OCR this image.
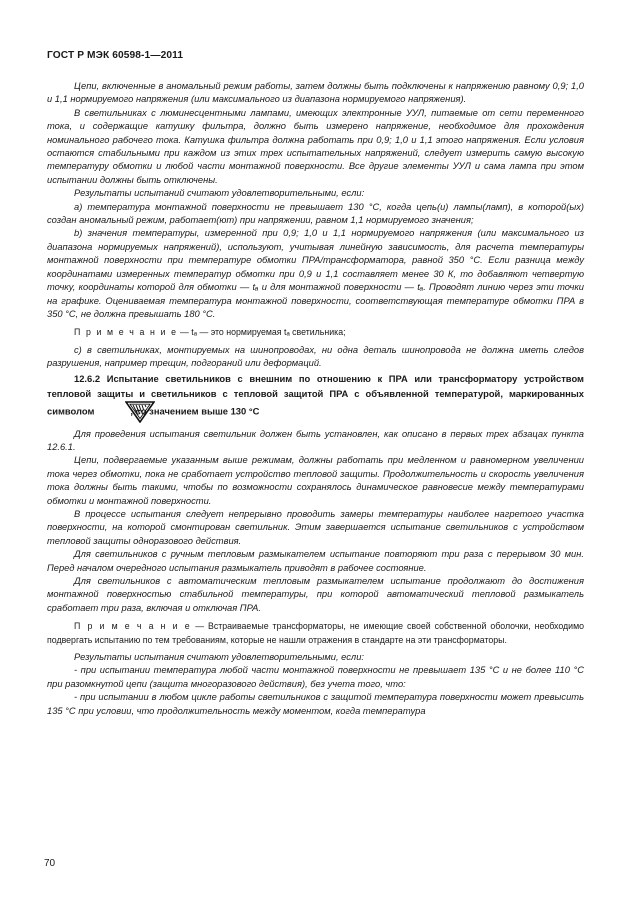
ГОСТ Р МЭК 60598-1—2011

Цепи, включенные в аномальный режим работы, затем должны быть подключены к напряжению равному 0,9; 1,0 и 1,1 нормируемого напряжения (или максимального из диапазона нормируемого напряжения).

В светильниках с люминесцентными лампами, имеющих электронные УУЛ, питаемые от сети переменного тока, и содержащие катушку фильтра, должно быть измерено напряжение, необходимое для прохождения номинального рабочего тока. Катушка фильтра должна работать при 0,9; 1,0 и 1,1 этого напряжения. Если условия остаются стабильными при каждом из этих трех испытательных напряжений, следует измерить самую высокую температуру обмотки и любой части монтажной поверхности. Все другие элементы УУЛ и сама лампа при этом испытании должны быть отключены.

Результаты испытаний считают удовлетворительными, если:

а) температура монтажной поверхности не превышает 130 °С, когда цепь(и) лампы(ламп), в которой(ых) создан аномальный режим, работает(ют) при напряжении, равном 1,1 нормируемого значения;

b) значения температуры, измеренной при 0,9; 1,0 и 1,1 нормируемого напряжения (или максимального из диапазона нормируемых напряжений), используют, учитывая линейную зависимость, для расчета температуры монтажной поверхности при температуре обмотки ПРА/трансформатора, равной 350 °С. Если разница между координатами измеренных температур обмотки при 0,9 и 1,1 составляет менее 30 К, то добавляют четвертую точку, координаты которой для обмотки — tₐ и для монтажной поверхности — tₐ. Проводят линию через эти точки на графике. Оцениваемая температура монтажной поверхности, соответствующая температуре обмотки ПРА в 350 °С, не должна превышать 180 °С.

П р и м е ч а н и е — tₐ — это нормируемая tₐ светильника;

с) в светильниках, монтируемых на шинопроводах, ни одна деталь шинопровода не должна иметь следов разрушения, например трещин, подгораний или деформаций.

12.6.2 Испытание светильников с внешним по отношению к ПРА или трансформатору устройством тепловой защиты и светильников с тепловой защитой ПРА с объявленной температурой, маркированных символом	, со значением выше 130 °С

Для проведения испытания светильник должен быть установлен, как описано в первых трех абзацах пункта 12.6.1.

Цепи, подвергаемые указанным выше режимам, должны работать при медленном и равномерном увеличении тока через обмотки, пока не сработает устройство тепловой защиты. Продолжительность и скорость увеличения тока должны быть такими, чтобы по возможности сохранялось динамическое равновесие между температурами обмотки и монтажной поверхности.

В процессе испытания следует непрерывно проводить замеры температуры наиболее нагретого участка поверхности, на которой смонтирован светильник. Этим завершается испытание светильников с устройством тепловой защиты одноразового действия.

Для светильников с ручным тепловым размыкателем испытание повторяют три раза с перерывом 30 мин. Перед началом очередного испытания размыкатель приводят в рабочее состояние.

Для светильников с автоматическим тепловым размыкателем испытание продолжают до достижения монтажной поверхностью стабильной температуры, при которой автоматический тепловой размыкатель сработает три раза, включая и отключая ПРА.

П р и м е ч а н и е — Встраиваемые трансформаторы, не имеющие своей собственной оболочки, необходимо подвергать испытанию по тем требованиям, которые не нашли отражения в стандарте на эти трансформаторы.

Результаты испытания считают удовлетворительными, если:

- при испытании температура любой части монтажной поверхности не превышает 135 °С и не более 110 °С при разомкнутой цепи (защита многоразового действия), без учета того, что:

- при испытании в любом цикле работы светильников с защитой температура поверхности может превысить 135 °С при условии, что продолжительность между моментом, когда температура

70
